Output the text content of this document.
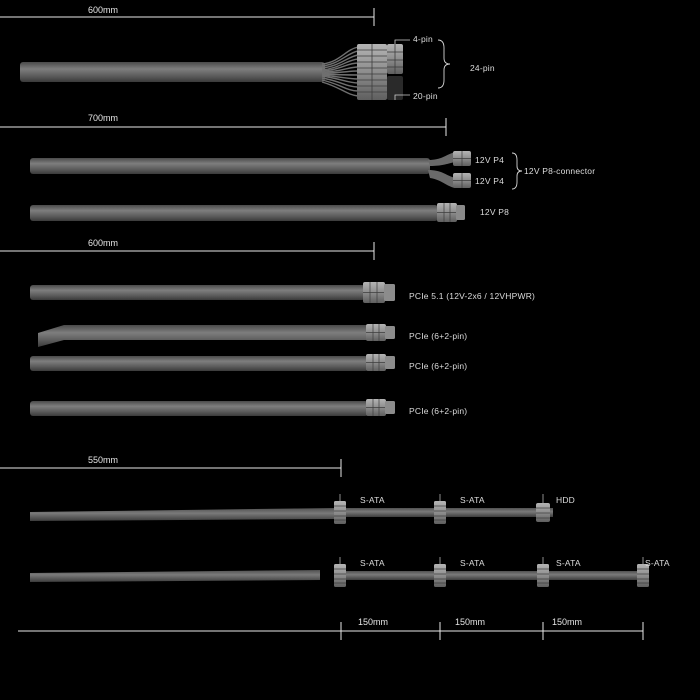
600mm
700mm
600mm
550mm
150mm	150mm	150mm
4-pin
24-pin
20-pin
12V P4
12V P4
12V P8-connector
12V P8
PCIe 5.1 (12V-2x6 / 12VHPWR)
PCIe (6+2-pin)
PCIe (6+2-pin)
PCIe (6+2-pin)
S-ATA	S-ATA	HDD
S-ATA	S-ATA	S-ATA	S-ATA
